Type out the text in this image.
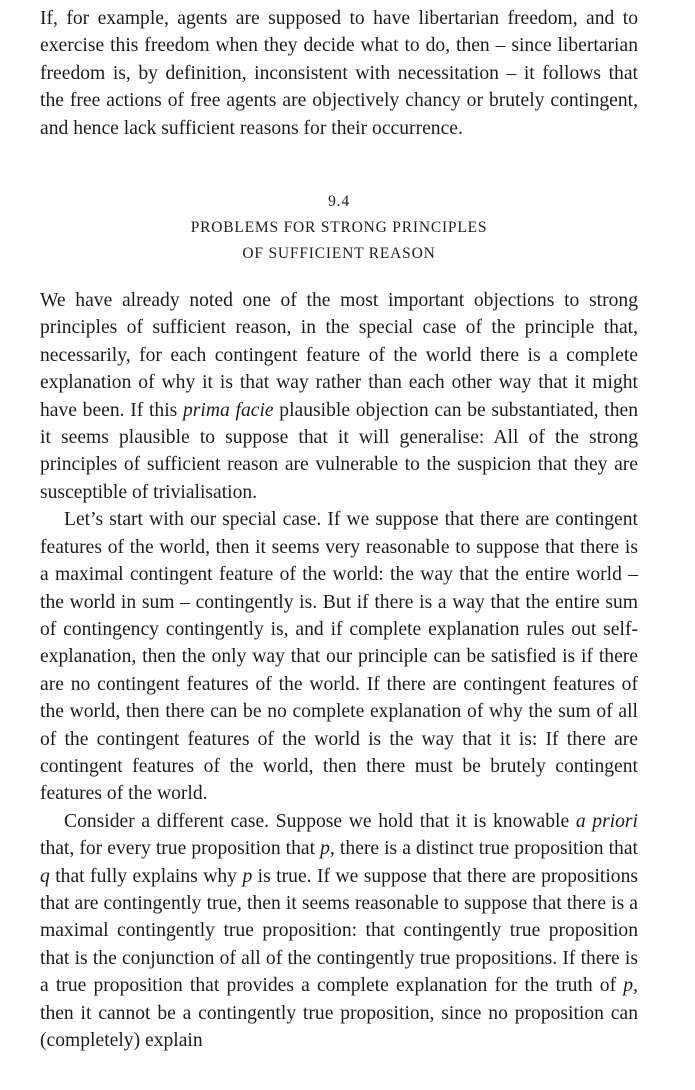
If, for example, agents are supposed to have libertarian freedom, and to exercise this freedom when they decide what to do, then – since libertarian freedom is, by definition, inconsistent with necessitation – it follows that the free actions of free agents are objectively chancy or brutely contingent, and hence lack sufficient reasons for their occurrence.

9.4
PROBLEMS FOR STRONG PRINCIPLES
OF SUFFICIENT REASON

We have already noted one of the most important objections to strong principles of sufficient reason, in the special case of the principle that, necessarily, for each contingent feature of the world there is a complete explanation of why it is that way rather than each other way that it might have been. If this prima facie plausible objection can be substantiated, then it seems plausible to suppose that it will generalise: All of the strong principles of sufficient reason are vulnerable to the suspicion that they are susceptible of trivialisation.

Let’s start with our special case. If we suppose that there are contingent features of the world, then it seems very reasonable to suppose that there is a maximal contingent feature of the world: the way that the entire world – the world in sum – contingently is. But if there is a way that the entire sum of contingency contingently is, and if complete explanation rules out self-explanation, then the only way that our principle can be satisfied is if there are no contingent features of the world. If there are contingent features of the world, then there can be no complete explanation of why the sum of all of the contingent features of the world is the way that it is: If there are contingent features of the world, then there must be brutely contingent features of the world.

Consider a different case. Suppose we hold that it is knowable a priori that, for every true proposition that p, there is a distinct true proposition that q that fully explains why p is true. If we suppose that there are propositions that are contingently true, then it seems reasonable to suppose that there is a maximal contingently true proposition: that contingently true proposition that is the conjunction of all of the contingently true propositions. If there is a true proposition that provides a complete explanation for the truth of p, then it cannot be a contingently true proposition, since no proposition can (completely) explain
